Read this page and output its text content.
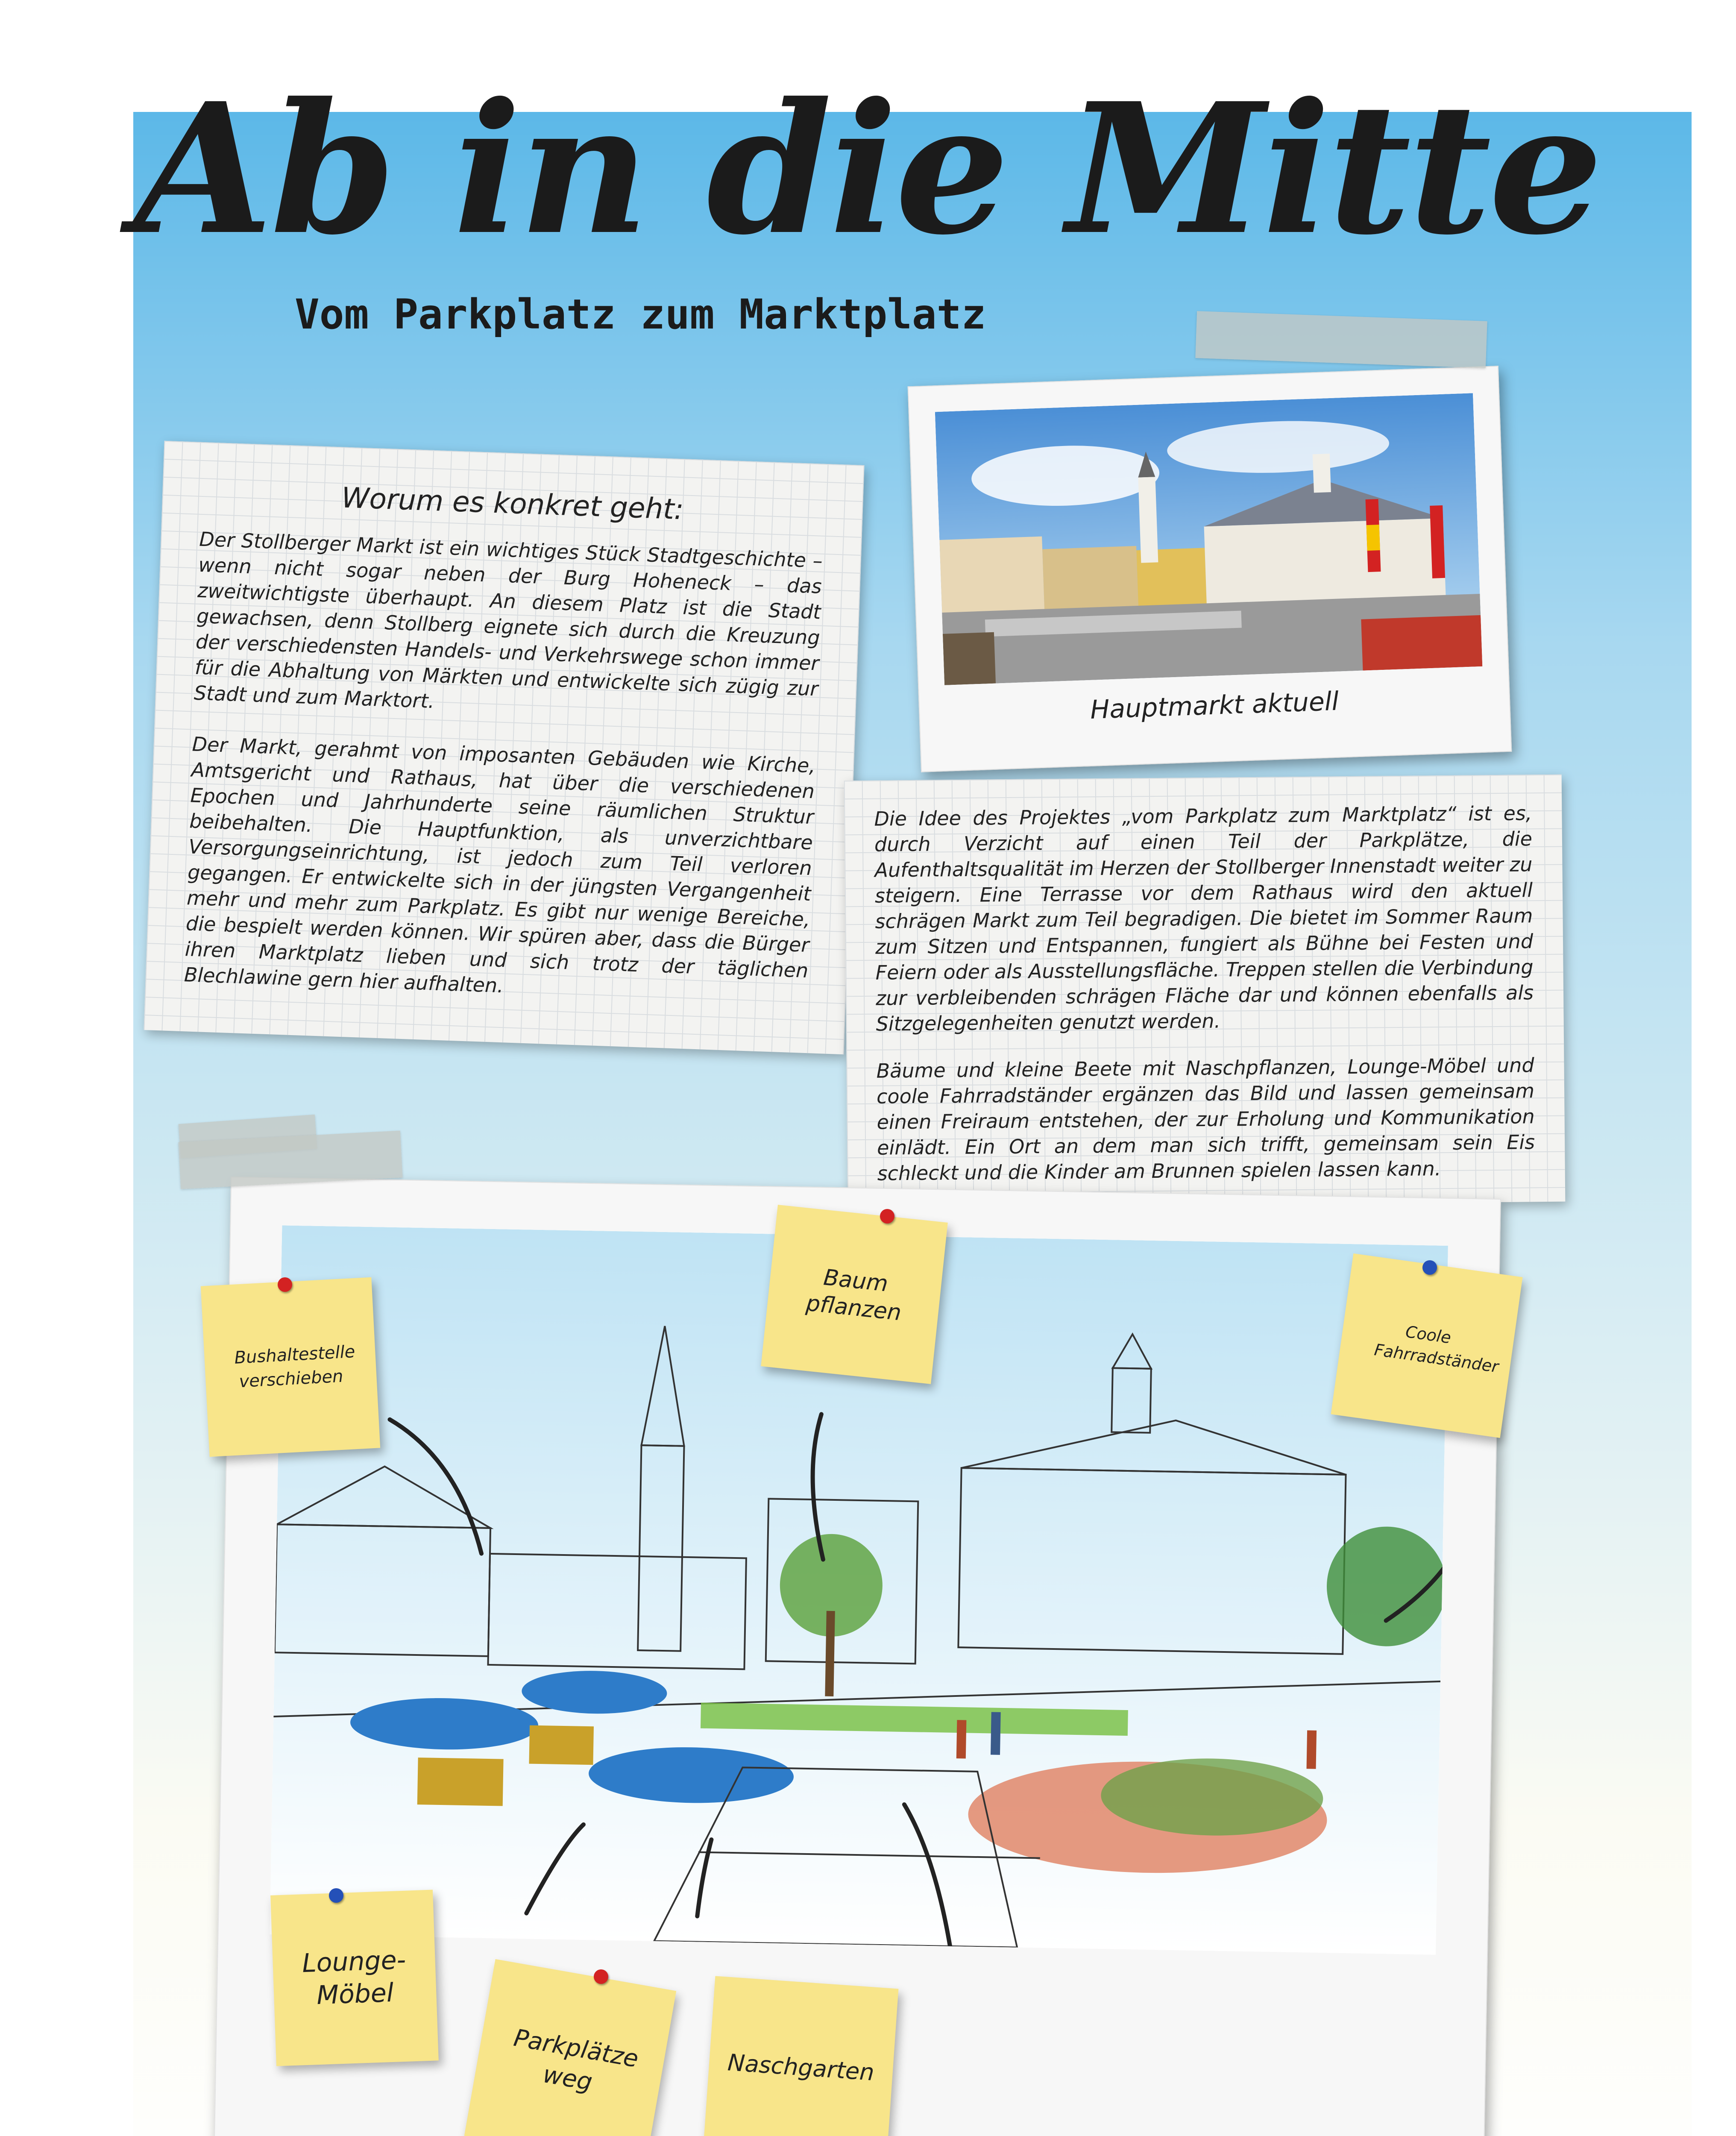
Ab in die Mitte
Vom Parkplatz zum Marktplatz
Worum es konkret geht:

Der Stollberger Markt ist ein wichtiges Stück Stadtgeschichte – wenn nicht sogar neben der Burg Hoheneck – das zweitwichtigste überhaupt. An diesem Platz ist die Stadt gewachsen, denn Stollberg eignete sich durch die Kreuzung der verschiedensten Handels- und Verkehrswege schon immer für die Abhaltung von Märkten und entwickelte sich zügig zur Stadt und zum Marktort.

Der Markt, gerahmt von imposanten Gebäuden wie Kirche, Amtsgericht und Rathaus, hat über die verschiedenen Epochen und Jahrhunderte seine räumlichen Struktur beibehalten. Die Hauptfunktion, als unverzichtbare Versorgungseinrichtung, ist jedoch zum Teil verloren gegangen. Er entwickelte sich in der jüngsten Vergangenheit mehr und mehr zum Parkplatz. Es gibt nur wenige Bereiche, die bespielt werden können. Wir spüren aber, dass die Bürger ihren Marktplatz lieben und sich trotz der täglichen Blechlawine gern hier aufhalten.

Hauptmarkt aktuell

Die Idee des Projektes „vom Parkplatz zum Marktplatz“ ist es, durch Verzicht auf einen Teil der Parkplätze, die Aufenthaltsqualität im Herzen der Stollberger Innenstadt weiter zu steigern. Eine Terrasse vor dem Rathaus wird den aktuell schrägen Markt zum Teil begradigen. Die bietet im Sommer Raum zum Sitzen und Entspannen, fungiert als Bühne bei Festen und Feiern oder als Ausstellungsfläche. Treppen stellen die Verbindung zur verbleibenden schrägen Fläche dar und können ebenfalls als Sitzgelegenheiten genutzt werden.

Bäume und kleine Beete mit Naschpflanzen, Lounge-Möbel und coole Fahrradständer ergänzen das Bild und lassen gemeinsam einen Freiraum entstehen, der zur Erholung und Kommunikation einlädt. Ein Ort an dem man sich trifft, gemeinsam sein Eis schleckt und die Kinder am Brunnen spielen lassen kann.

Bushaltestelle verschieben
Baum pflanzen
Coole Fahrradständer
Lounge-Möbel
Parkplätze weg	Naschgarten
